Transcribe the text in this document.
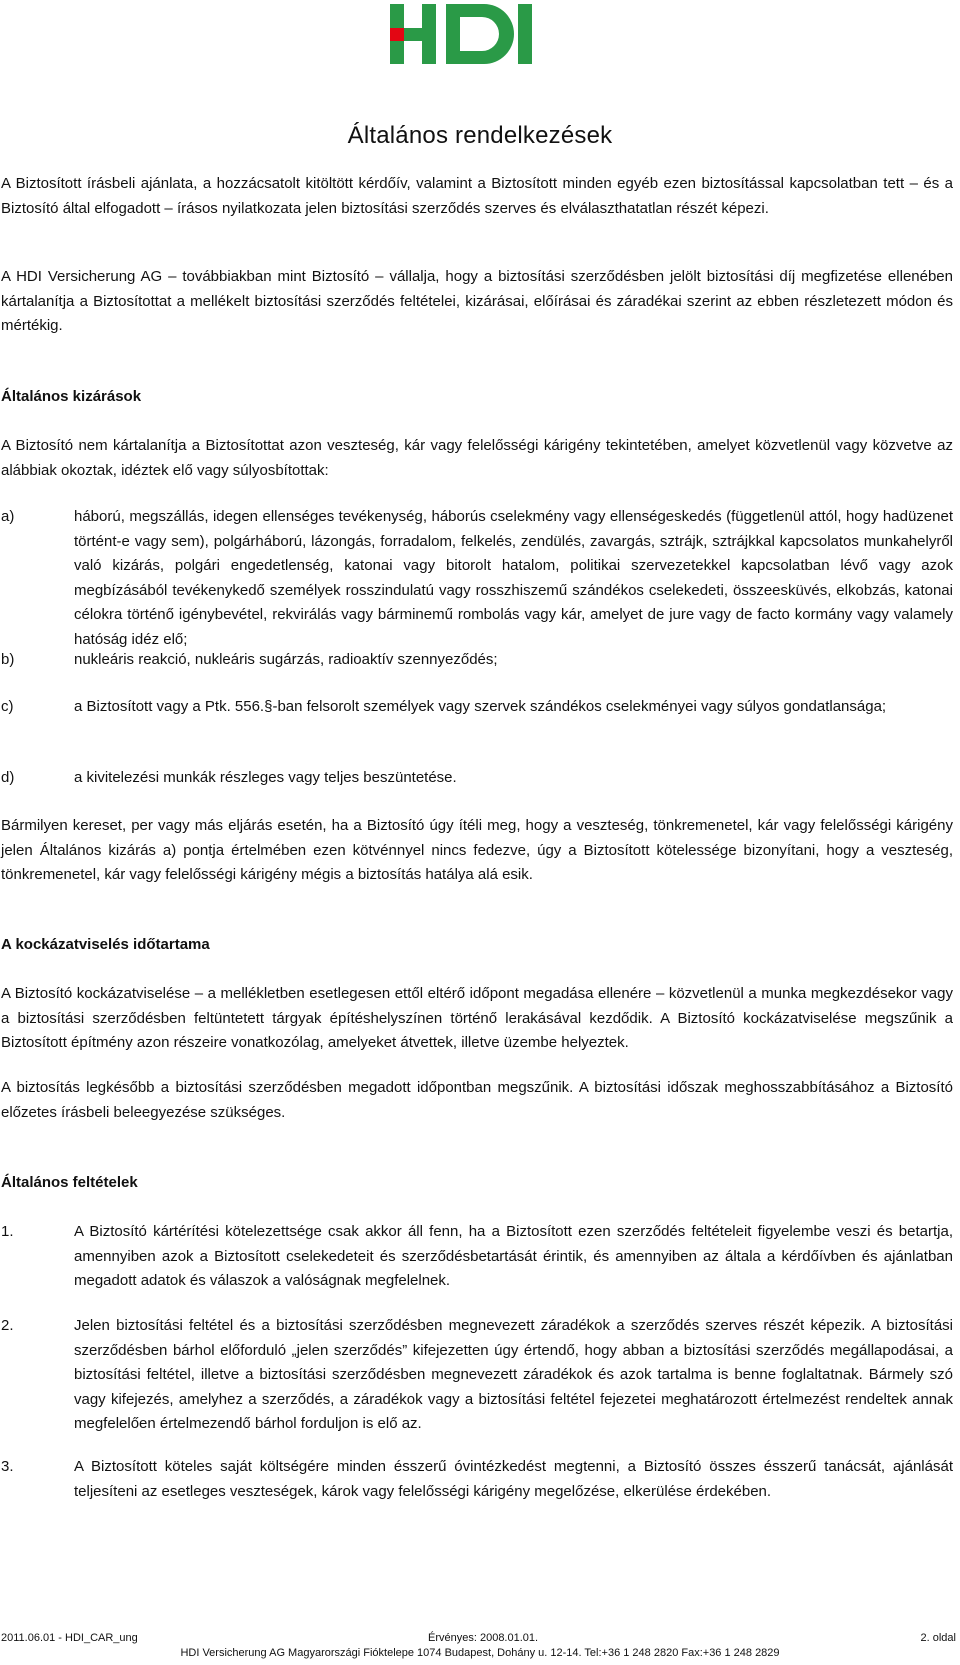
Általános rendelkezések
A Biztosított írásbeli ajánlata, a hozzácsatolt kitöltött kérdőív, valamint a Biztosított minden egyéb ezen biztosítással kapcsolatban tett – és a Biztosító által elfogadott – írásos nyilatkozata jelen biztosítási szerződés szerves és elválaszthatatlan részét képezi.
A HDI Versicherung AG – továbbiakban mint Biztosító – vállalja, hogy a biztosítási szerződésben jelölt biztosítási díj megfizetése ellenében kártalanítja a Biztosítottat a mellékelt biztosítási szerződés feltételei, kizárásai, előírásai és záradékai szerint az ebben részletezett módon és mértékig.
Általános kizárások
A Biztosító nem kártalanítja a Biztosítottat azon veszteség, kár vagy felelősségi kárigény tekintetében, amelyet közvetlenül vagy közvetve az alábbiak okoztak, idéztek elő vagy súlyosbítottak:
a)	háború, megszállás, idegen ellenséges tevékenység, háborús cselekmény vagy ellenségeskedés (függetlenül attól, hogy hadüzenet történt-e vagy sem), polgárháború, lázongás, forradalom, felkelés, zendülés, zavargás, sztrájk, sztrájkkal kapcsolatos munkahelyről való kizárás, polgári engedetlenség, katonai vagy bitorolt hatalom, politikai szervezetekkel kapcsolatban lévő vagy azok megbízásából tevékenykedő személyek rosszindulatú vagy rosszhiszemű szándékos cselekedeti, összeesküvés, elkobzás, katonai célokra történő igénybevétel, rekvirálás vagy bárminemű rombolás vagy kár, amelyet de jure vagy de facto kormány vagy valamely hatóság idéz elő;
b)	nukleáris reakció, nukleáris sugárzás, radioaktív szennyeződés;
c)	a Biztosított vagy a Ptk. 556.§-ban felsorolt személyek vagy szervek szándékos cselekményei vagy súlyos gondatlansága;
d)	a kivitelezési munkák részleges vagy teljes beszüntetése.
Bármilyen kereset, per vagy más eljárás esetén, ha a Biztosító úgy ítéli meg, hogy a veszteség, tönkremenetel, kár vagy felelősségi kárigény jelen Általános kizárás a) pontja értelmében ezen kötvénnyel nincs fedezve, úgy a Biztosított kötelessége bizonyítani, hogy a veszteség, tönkremenetel, kár vagy felelősségi kárigény mégis a biztosítás hatálya alá esik.
A kockázatviselés időtartama
A Biztosító kockázatviselése – a mellékletben esetlegesen ettől eltérő időpont megadása ellenére – közvetlenül a munka megkezdésekor vagy a biztosítási szerződésben feltüntetett tárgyak építéshelyszínen történő lerakásával kezdődik. A Biztosító kockázatviselése megszűnik a Biztosított építmény azon részeire vonatkozólag, amelyeket átvettek, illetve üzembe helyeztek.
A biztosítás legkésőbb a biztosítási szerződésben megadott időpontban megszűnik. A biztosítási időszak meghosszabbításához a Biztosító előzetes írásbeli beleegyezése szükséges.
Általános feltételek
1.	A Biztosító kártérítési kötelezettsége csak akkor áll fenn, ha a Biztosított ezen szerződés feltételeit figyelembe veszi és betartja, amennyiben azok a Biztosított cselekedeteit és szerződésbetartását érintik, és amennyiben az általa a kérdőívben és ajánlatban megadott adatok és válaszok a valóságnak megfelelnek.
2.	Jelen biztosítási feltétel és a biztosítási szerződésben megnevezett záradékok a szerződés szerves részét képezik. A biztosítási szerződésben bárhol előforduló „jelen szerződés” kifejezetten úgy értendő, hogy abban a biztosítási szerződés megállapodásai, a biztosítási feltétel, illetve a biztosítási szerződésben megnevezett záradékok és azok tartalma is benne foglaltatnak. Bármely szó vagy kifejezés, amelyhez a szerződés, a záradékok vagy a biztosítási feltétel fejezetei meghatározott értelmezést rendeltek annak megfelelően értelmezendő bárhol forduljon is elő az.
3.	A Biztosított köteles saját költségére minden ésszerű óvintézkedést megtenni, a Biztosító összes ésszerű tanácsát, ajánlását teljesíteni az esetleges veszteségek, károk vagy felelősségi kárigény megelőzése, elkerülése érdekében.
2011.06.01 - HDI_CAR_ung	Érvényes: 2008.01.01.	2. oldal
HDI Versicherung AG Magyarországi Fióktelepe 1074 Budapest, Dohány u. 12-14. Tel:+36 1 248 2820 Fax:+36 1 248 2829
